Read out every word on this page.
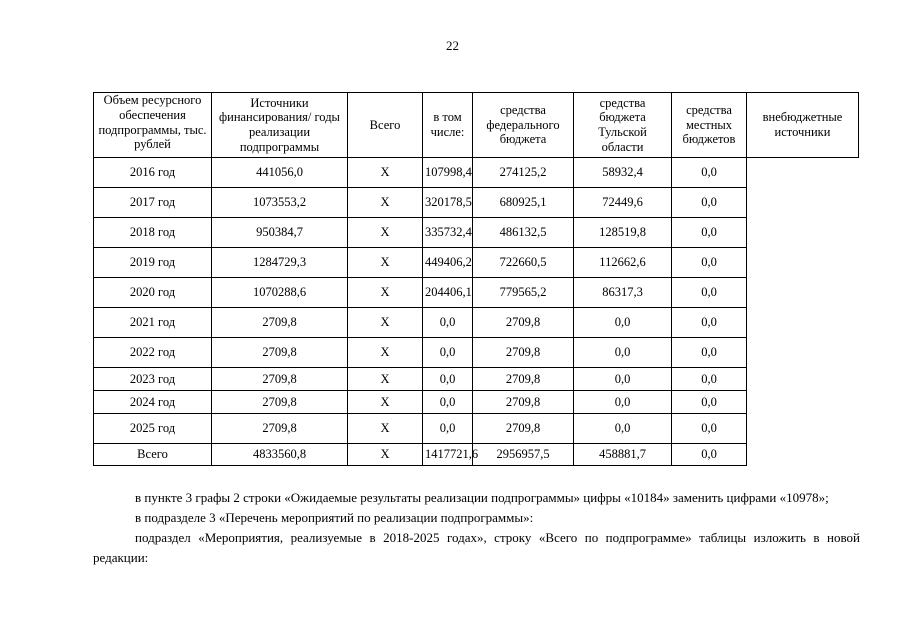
22
Объем ресурсного обеспечения подпрограммы, тыс. рублей	Источники финансирования/ годы реализации подпрограммы	Всего	в том числе:	средства федерального бюджета	средства бюджета Тульской области	средства местных бюджетов	внебюджетные источники
2016 год	441056,0	X	107998,4	274125,2	58932,4	0,0	
2017 год	1073553,2	X	320178,5	680925,1	72449,6	0,0	
2018 год	950384,7	X	335732,4	486132,5	128519,8	0,0	
2019 год	1284729,3	X	449406,2	722660,5	112662,6	0,0	
2020 год	1070288,6	X	204406,1	779565,2	86317,3	0,0	
2021 год	2709,8	X	0,0	2709,8	0,0	0,0	
2022 год	2709,8	X	0,0	2709,8	0,0	0,0	
2023 год	2709,8	X	0,0	2709,8	0,0	0,0	
2024 год	2709,8	X	0,0	2709,8	0,0	0,0	
2025 год	2709,8	X	0,0	2709,8	0,0	0,0	
Всего	4833560,8	X	1417721,6	2956957,5	458881,7	0,0	

в пункте 3 графы 2 строки «Ожидаемые результаты реализации подпрограммы» цифры «10184» заменить цифрами «10978»;

в подразделе 3 «Перечень мероприятий по реализации подпрограммы»:

подраздел «Мероприятия, реализуемые в 2018-2025 годах», строку «Всего по подпрограмме» таблицы изложить в новой редакции:
